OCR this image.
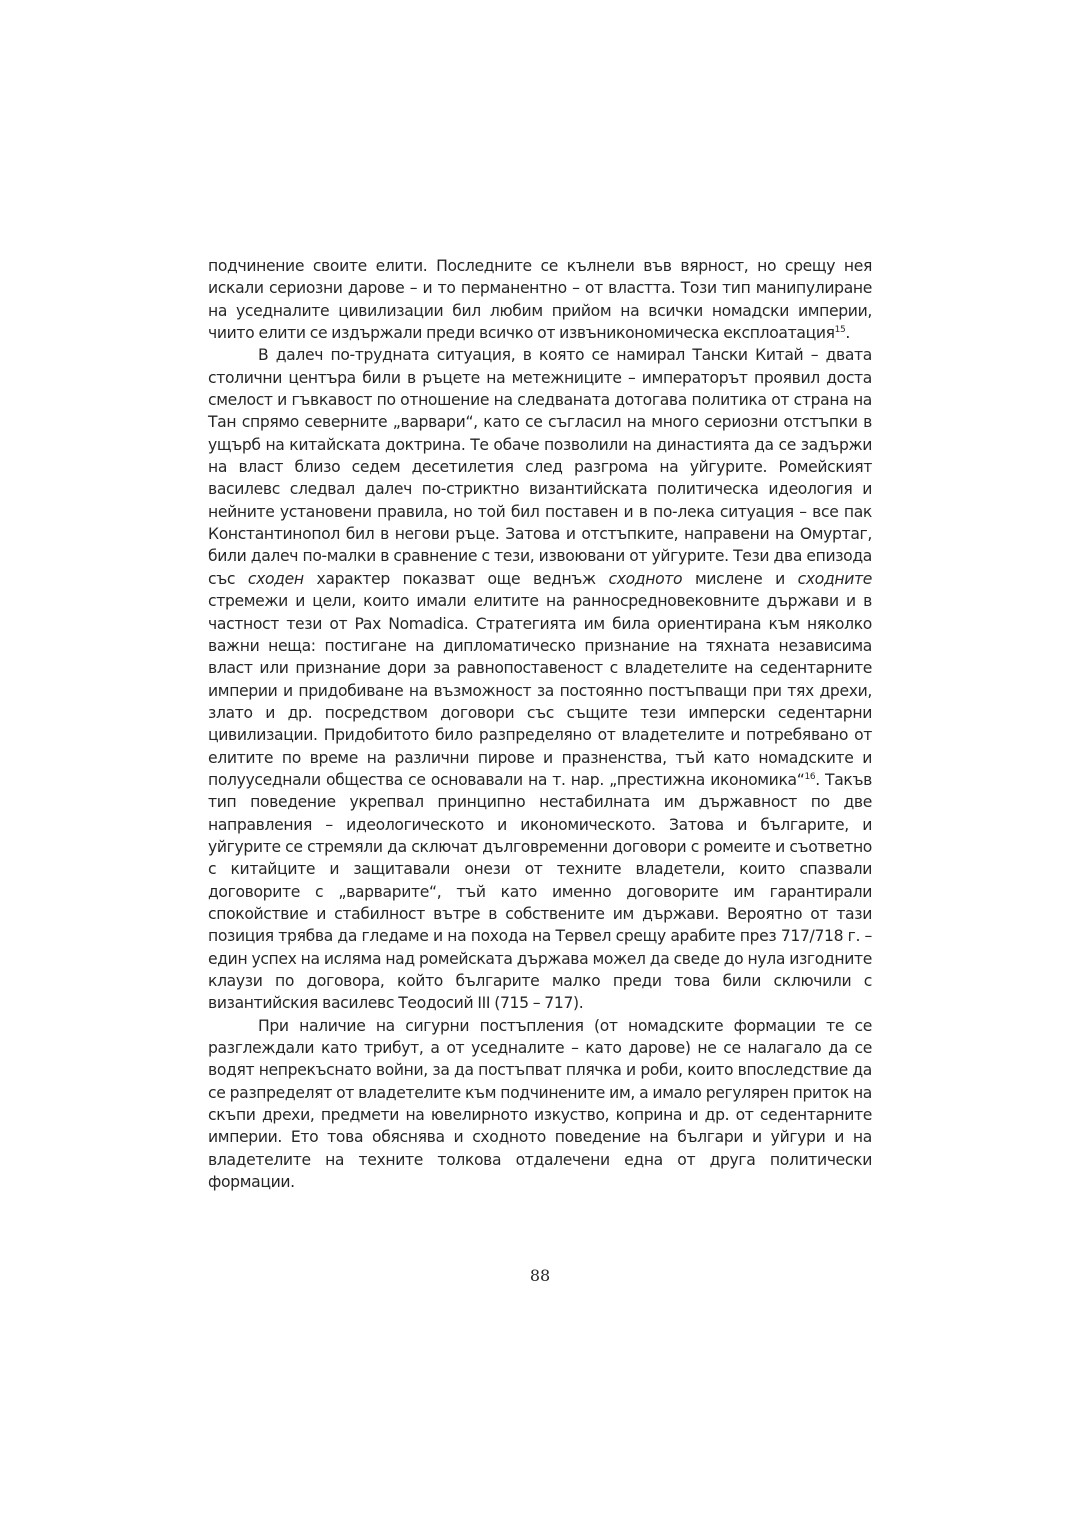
подчинение своите елити. Последните се кълнели във вярност, но срещу нея искали сериозни дарове – и то перманентно – от властта. Този тип манипулиране на уседналите цивилизации бил любим прийом на всички номадски империи, чиито елити се издържали преди всичко от извъникономическа експлоатация$^{15}$.

В далеч по-трудната ситуация, в която се намирал Тански Китай – двата столични центъра били в ръцете на метежниците – императорът проявил доста смелост и гъвкавост по отношение на следваната дотогава политика от страна на Тан спрямо северните „варвари“, като се съгласил на много сериозни отстъпки в ущърб на китайската доктрина. Те обаче позволили на династията да се задържи на власт близо седем десетилетия след разгрома на уйгурите. Ромейският василевс следвал далеч по-стриктно византийската политическа идеология и нейните установени правила, но той бил поставен и в по-лека ситуация – все пак Константинопол бил в негови ръце. Затова и отстъпките, направени на Омуртаг, били далеч по-малки в сравнение с тези, извоювани от уйгурите. Тези два епизода със сходен характер показват още веднъж сходното мислене и сходните стремежи и цели, които имали елитите на ранносредновековните държави и в частност тези от Pax Nomadica. Стратегията им била ориентирана към няколко важни неща: постигане на дипломатическо признание на тяхната независима власт или признание дори за равнопоставеност с владетелите на седентарните империи и придобиване на възможност за постоянно постъпващи при тях дрехи, злато и др. посредством договори със същите тези имперски седентарни цивилизации. Придобитото било разпределяно от владетелите и потребявано от елитите по време на различни пирове и празненства, тъй като номадските и полууседнали общества се основавали на т. нар. „престижна икономика“$^{16}$. Такъв тип поведение укрепвал принципно нестабилната им държавност по две направления – идеологическото и икономическото. Затова и българите, и уйгурите се стремяли да сключат дълговременни договори с ромеите и съответно с китайците и защитавали онези от техните владетели, които спазвали договорите с „варварите“, тъй като именно договорите им гарантирали спокойствие и стабилност вътре в собствените им държави. Вероятно от тази позиция трябва да гледаме и на похода на Тервел срещу арабите през 717/718 г. – един успех на исляма над ромейската държава можел да сведе до нула изгодните клаузи по договора, който българите малко преди това били сключили с византийския василевс Теодосий III (715 – 717).

При наличие на сигурни постъпления (от номадските формации те се разглеждали като трибут, а от уседналите – като дарове) не се налагало да се водят непрекъснато войни, за да постъпват плячка и роби, които впоследствие да се разпределят от владетелите към подчинените им, а имало регулярен приток на скъпи дрехи, предмети на ювелирното изкуство, коприна и др. от седентарните империи. Ето това обяснява и сходното поведение на българи и уйгури и на владетелите на техните толкова отдалечени една от друга политически формации.

88
